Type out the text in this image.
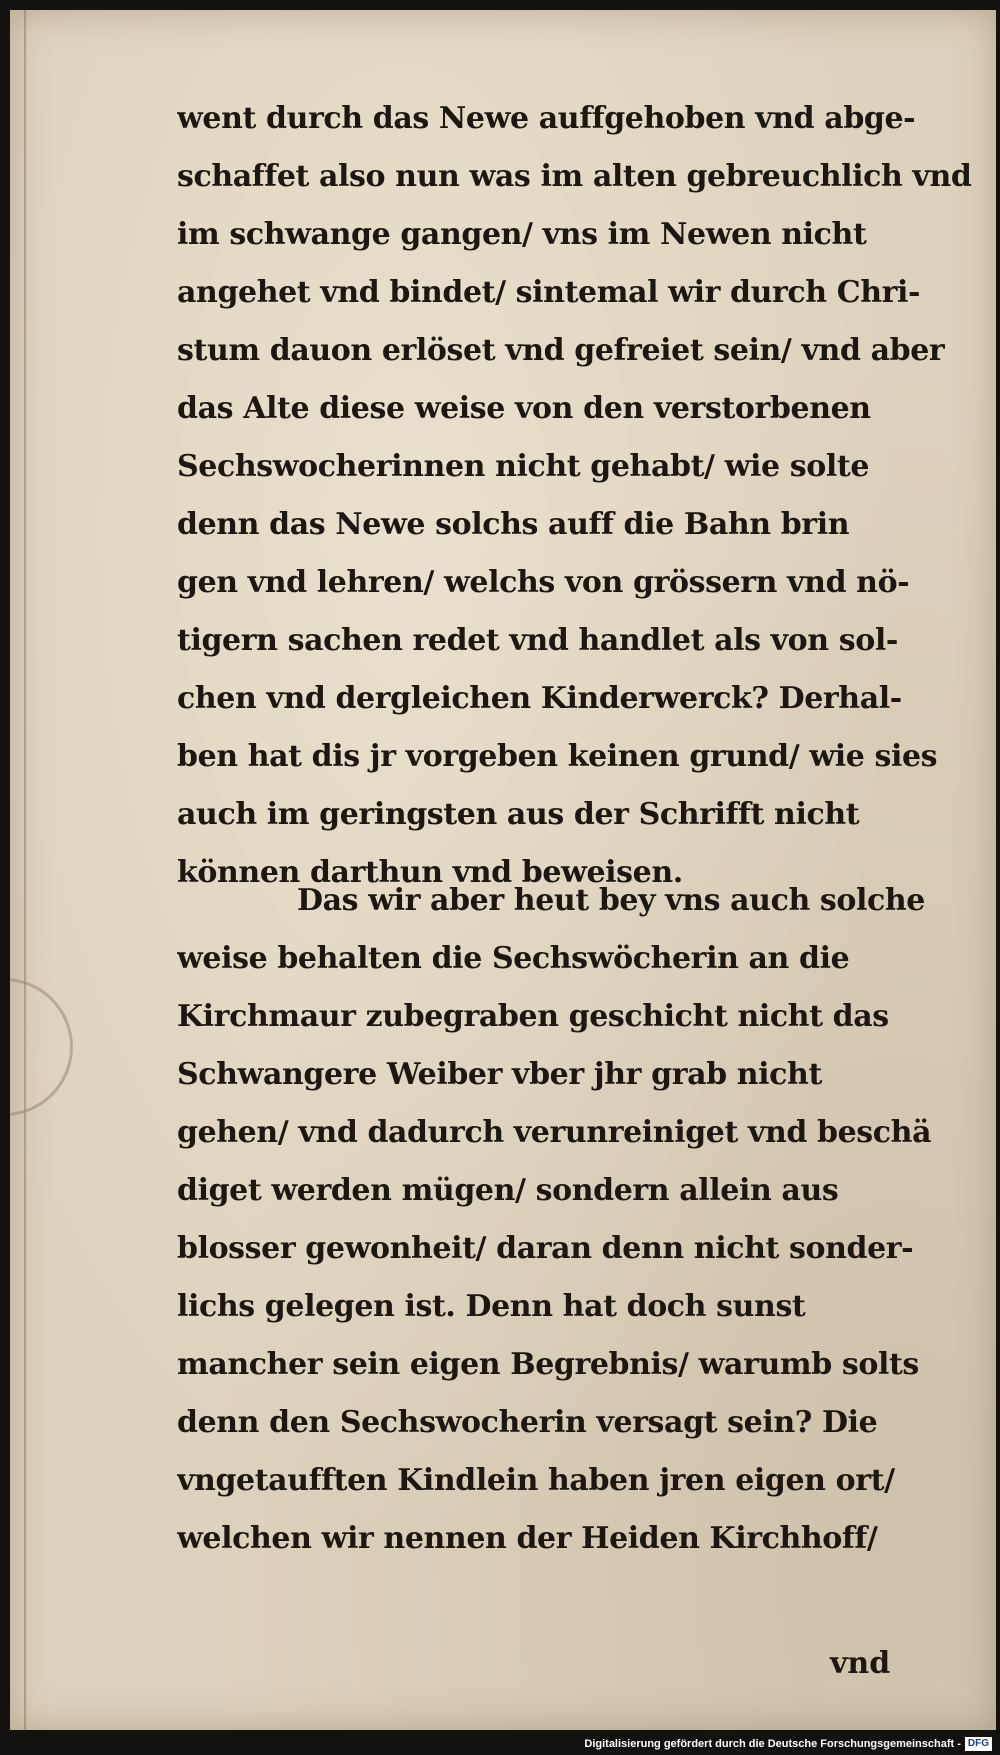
went durch das Newe auffgehoben vnd abge-
schaffet also nun was im alten gebreuchlich vnd
im schwange gangen/ vns im Newen nicht
angehet vnd bindet/ sintemal wir durch Chri-
stum dauon erlöset vnd gefreiet sein/ vnd aber
das Alte diese weise von den verstorbenen
Sechswocherinnen nicht gehabt/ wie solte
denn das Newe solchs auff die Bahn brin
gen vnd lehren/ welchs von grössern vnd nö-
tigern sachen redet vnd handlet als von sol-
chen vnd dergleichen Kinderwerck? Derhal-
ben hat dis jr vorgeben keinen grund/ wie sies
auch im geringsten aus der Schrifft nicht
können darthun vnd beweisen.
Das wir aber heut bey vns auch solche
weise behalten die Sechswöcherin an die
Kirchmaur zubegraben geschicht nicht das
Schwangere Weiber vber jhr grab nicht
gehen/ vnd dadurch verunreiniget vnd beschä
diget werden mügen/ sondern allein aus
blosser gewonheit/ daran denn nicht sonder-
lichs gelegen ist. Denn hat doch sunst
mancher sein eigen Begrebnis/ warumb solts
denn den Sechswocherin versagt sein? Die
vngetaufften Kindlein haben jren eigen ort/
welchen wir nennen der Heiden Kirchhoff/
vnd
Digitalisierung gefördert durch die Deutsche Forschungsgemeinschaft - DFG
